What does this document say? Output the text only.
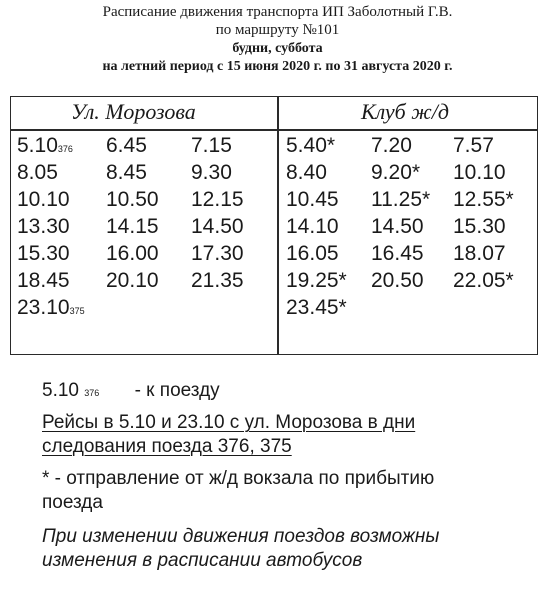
Расписание движения транспорта ИП Заболотный Г.В.
по маршруту №101
будни, суббота
на летний период с 15 июня 2020 г. по 31 августа 2020 г.
Ул. Морозова	Клуб ж/д
5.10376 6.45 7.15
8.05 8.45 9.30
10.10 10.50 12.15
13.30 14.15 14.50
15.30 16.00 17.30
18.45 20.10 21.35
23.10375
5.40* 7.20 7.57
8.40 9.20* 10.10
10.45 11.25* 12.55*
14.10 14.50 15.30
16.05 16.45 18.07
19.25* 20.50 22.05*
23.45*
5.10 376 - к поезду
Рейсы в 5.10 и 23.10 с ул. Морозова в дни
следования поезда 376, 375
* - отправление от ж/д вокзала по прибытию
поезда
При изменении движения поездов возможны
изменения в расписании автобусов
